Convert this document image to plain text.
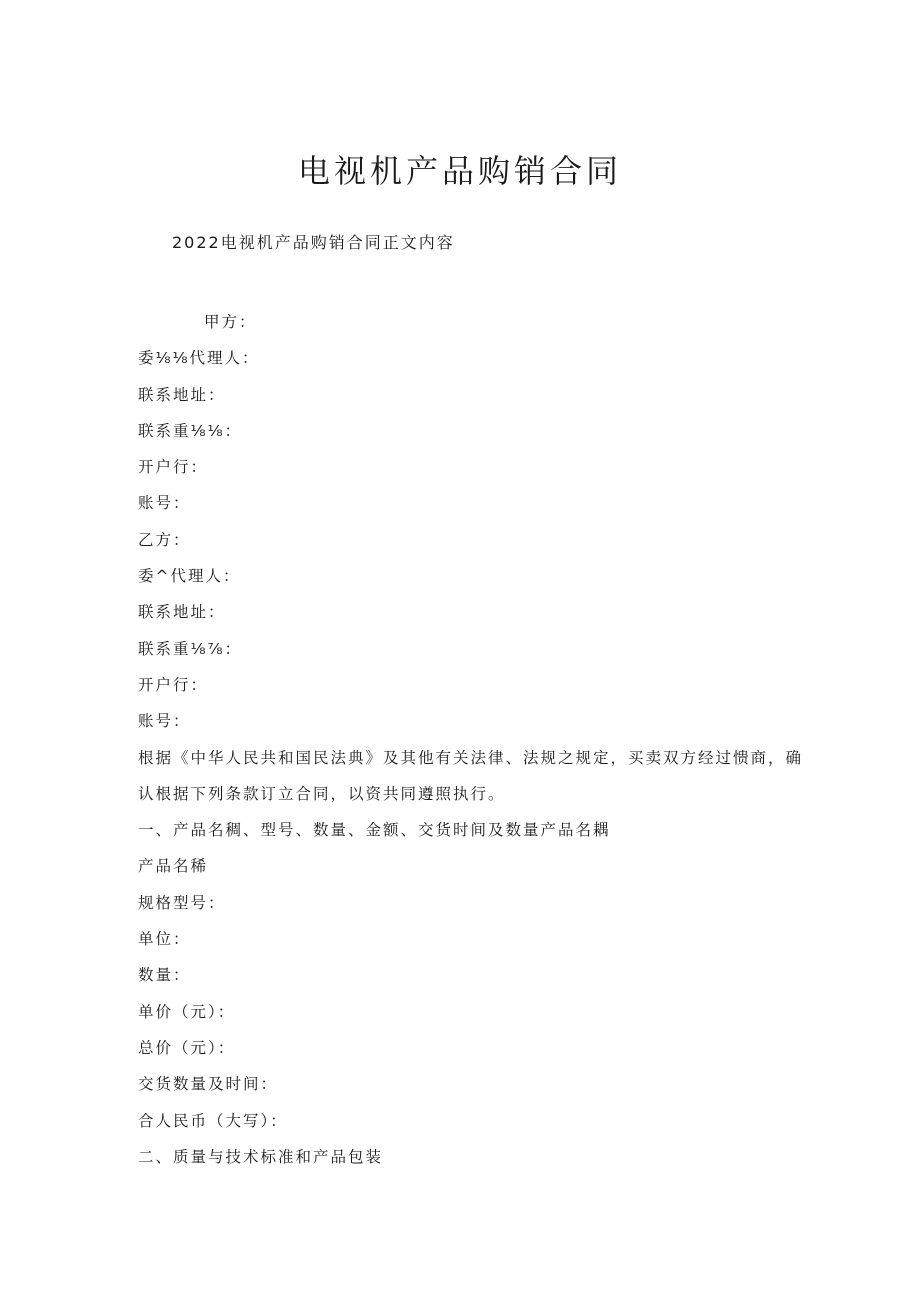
电视机产品购销合同
2022电视机产品购销合同正文内容
甲方：
委⅛⅛代理人：
联系地址：
联系重⅛⅛：
开户行：
账号：
乙方：
委^代理人：
联系地址：
联系重⅛⅞：
开户行：
账号：
根据《中华人民共和国民法典》及其他有关法律、法规之规定，买卖双方经过愦商，确
认根据下列条款订立合同，以资共同遵照执行。
一、产品名稠、型号、数量、金额、交货时间及数量产品名耦
产品名稀
规格型号：
单位：
数量：
单价（元）：
总价（元）：
交货数量及时间：
合人民币（大写）：
二、质量与技术标准和产品包装
